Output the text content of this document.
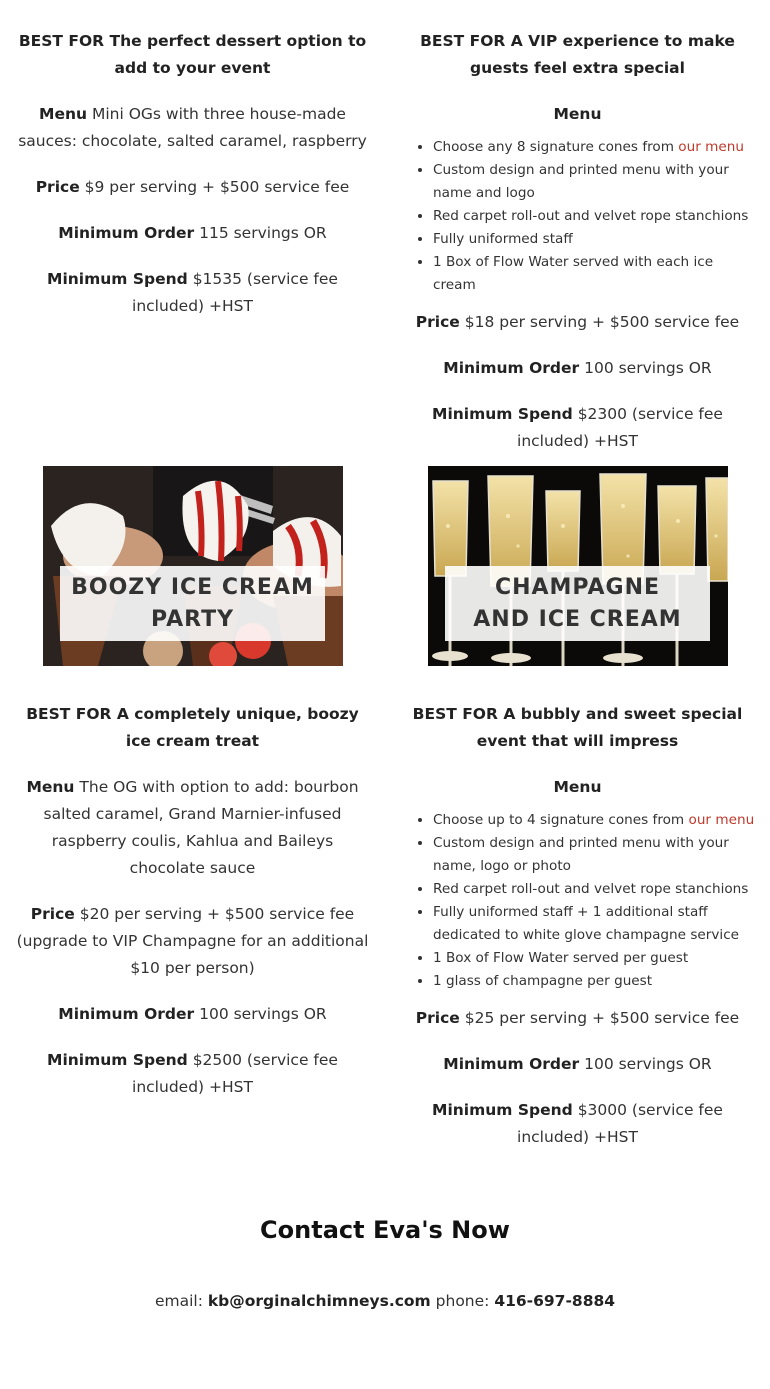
BEST FOR The perfect dessert option to add to your event

Menu Mini OGs with three house-made sauces: chocolate, salted caramel, raspberry

Price $9 per serving + $500 service fee

Minimum Order 115 servings OR

Minimum Spend $1535 (service fee included) +HST

BEST FOR A VIP experience to make guests feel extra special

Menu

• Choose any 8 signature cones from our menu
• Custom design and printed menu with your name and logo
• Red carpet roll-out and velvet rope stanchions
• Fully uniformed staff
• 1 Box of Flow Water served with each ice cream

Price $18 per serving + $500 service fee

Minimum Order 100 servings OR

Minimum Spend $2300 (service fee included) +HST

BOOZY ICE CREAM PARTY
CHAMPAGNE AND ICE CREAM

BEST FOR A completely unique, boozy ice cream treat

Menu The OG with option to add: bourbon salted caramel, Grand Marnier-infused raspberry coulis, Kahlua and Baileys chocolate sauce

Price $20 per serving + $500 service fee (upgrade to VIP Champagne for an additional $10 per person)

Minimum Order 100 servings OR

Minimum Spend $2500 (service fee included) +HST

BEST FOR A bubbly and sweet special event that will impress

Menu

• Choose up to 4 signature cones from our menu
• Custom design and printed menu with your name, logo or photo
• Red carpet roll-out and velvet rope stanchions
• Fully uniformed staff + 1 additional staff dedicated to white glove champagne service
• 1 Box of Flow Water served per guest
• 1 glass of champagne per guest

Price $25 per serving + $500 service fee

Minimum Order 100 servings OR

Minimum Spend $3000 (service fee included) +HST

Contact Eva's Now

email: kb@orginalchimneys.com phone: 416-697-8884
